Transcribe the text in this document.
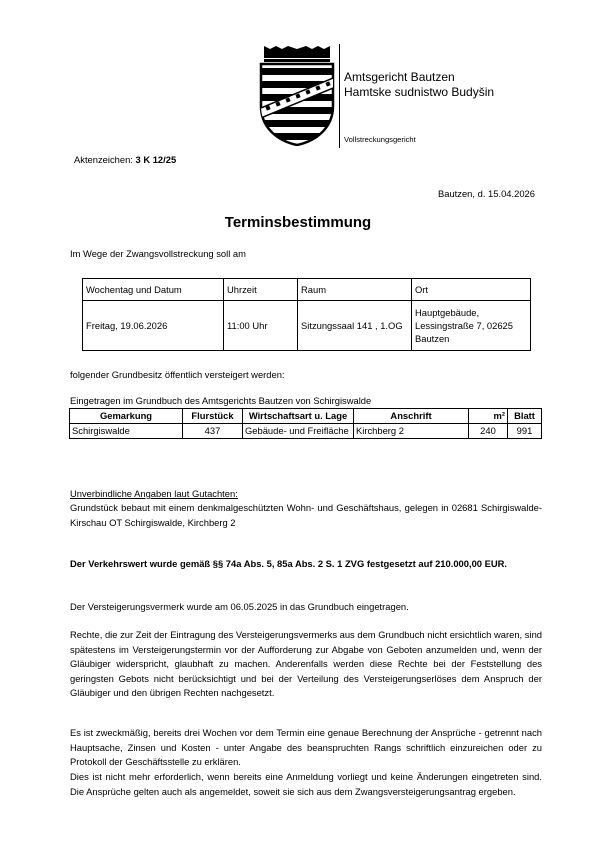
Amtsgericht Bautzen
Hamtske sudnistwo Budyšin
Vollstreckungsgericht
Aktenzeichen: 3 K 12/25
Bautzen, d. 15.04.2026
Terminsbestimmung

Im Wege der Zwangsvollstreckung soll am

Wochentag und Datum	Uhrzeit	Raum	Ort
Freitag, 19.06.2026	11:00 Uhr	Sitzungssaal 141 , 1.OG	Hauptgebäude, Lessingstraße 7, 02625 Bautzen

folgender Grundbesitz öffentlich versteigert werden:

Eingetragen im Grundbuch des Amtsgerichts Bautzen von Schirgiswalde

Gemarkung	Flurstück	Wirtschaftsart u. Lage	Anschrift	m²	Blatt
Schirgiswalde	437	Gebäude- und Freifläche	Kirchberg 2	240	991

Unverbindliche Angaben laut Gutachten:

Grundstück bebaut mit einem denkmalgeschützten Wohn- und Geschäftshaus, gelegen in 02681 Schirgiswalde-Kirschau OT Schirgiswalde, Kirchberg 2

Der Verkehrswert wurde gemäß §§ 74a Abs. 5, 85a Abs. 2 S. 1 ZVG festgesetzt auf 210.000,00 EUR.

Der Versteigerungsvermerk wurde am 06.05.2025 in das Grundbuch eingetragen.

Rechte, die zur Zeit der Eintragung des Versteigerungsvermerks aus dem Grundbuch nicht ersichtlich waren, sind spätestens im Versteigerungstermin vor der Aufforderung zur Abgabe von Geboten anzumelden und, wenn der Gläubiger widerspricht, glaubhaft zu machen. Anderenfalls werden diese Rechte bei der Feststellung des geringsten Gebots nicht berücksichtigt und bei der Verteilung des Versteigerungserlöses dem Anspruch der Gläubiger und den übrigen Rechten nachgesetzt.

Es ist zweckmäßig, bereits drei Wochen vor dem Termin eine genaue Berechnung der Ansprüche - getrennt nach Hauptsache, Zinsen und Kosten - unter Angabe des beanspruchten Rangs schriftlich einzureichen oder zu Protokoll der Geschäftsstelle zu erklären.

Dies ist nicht mehr erforderlich, wenn bereits eine Anmeldung vorliegt und keine Änderungen eingetreten sind. Die Ansprüche gelten auch als angemeldet, soweit sie sich aus dem Zwangsversteigerungsantrag ergeben.
